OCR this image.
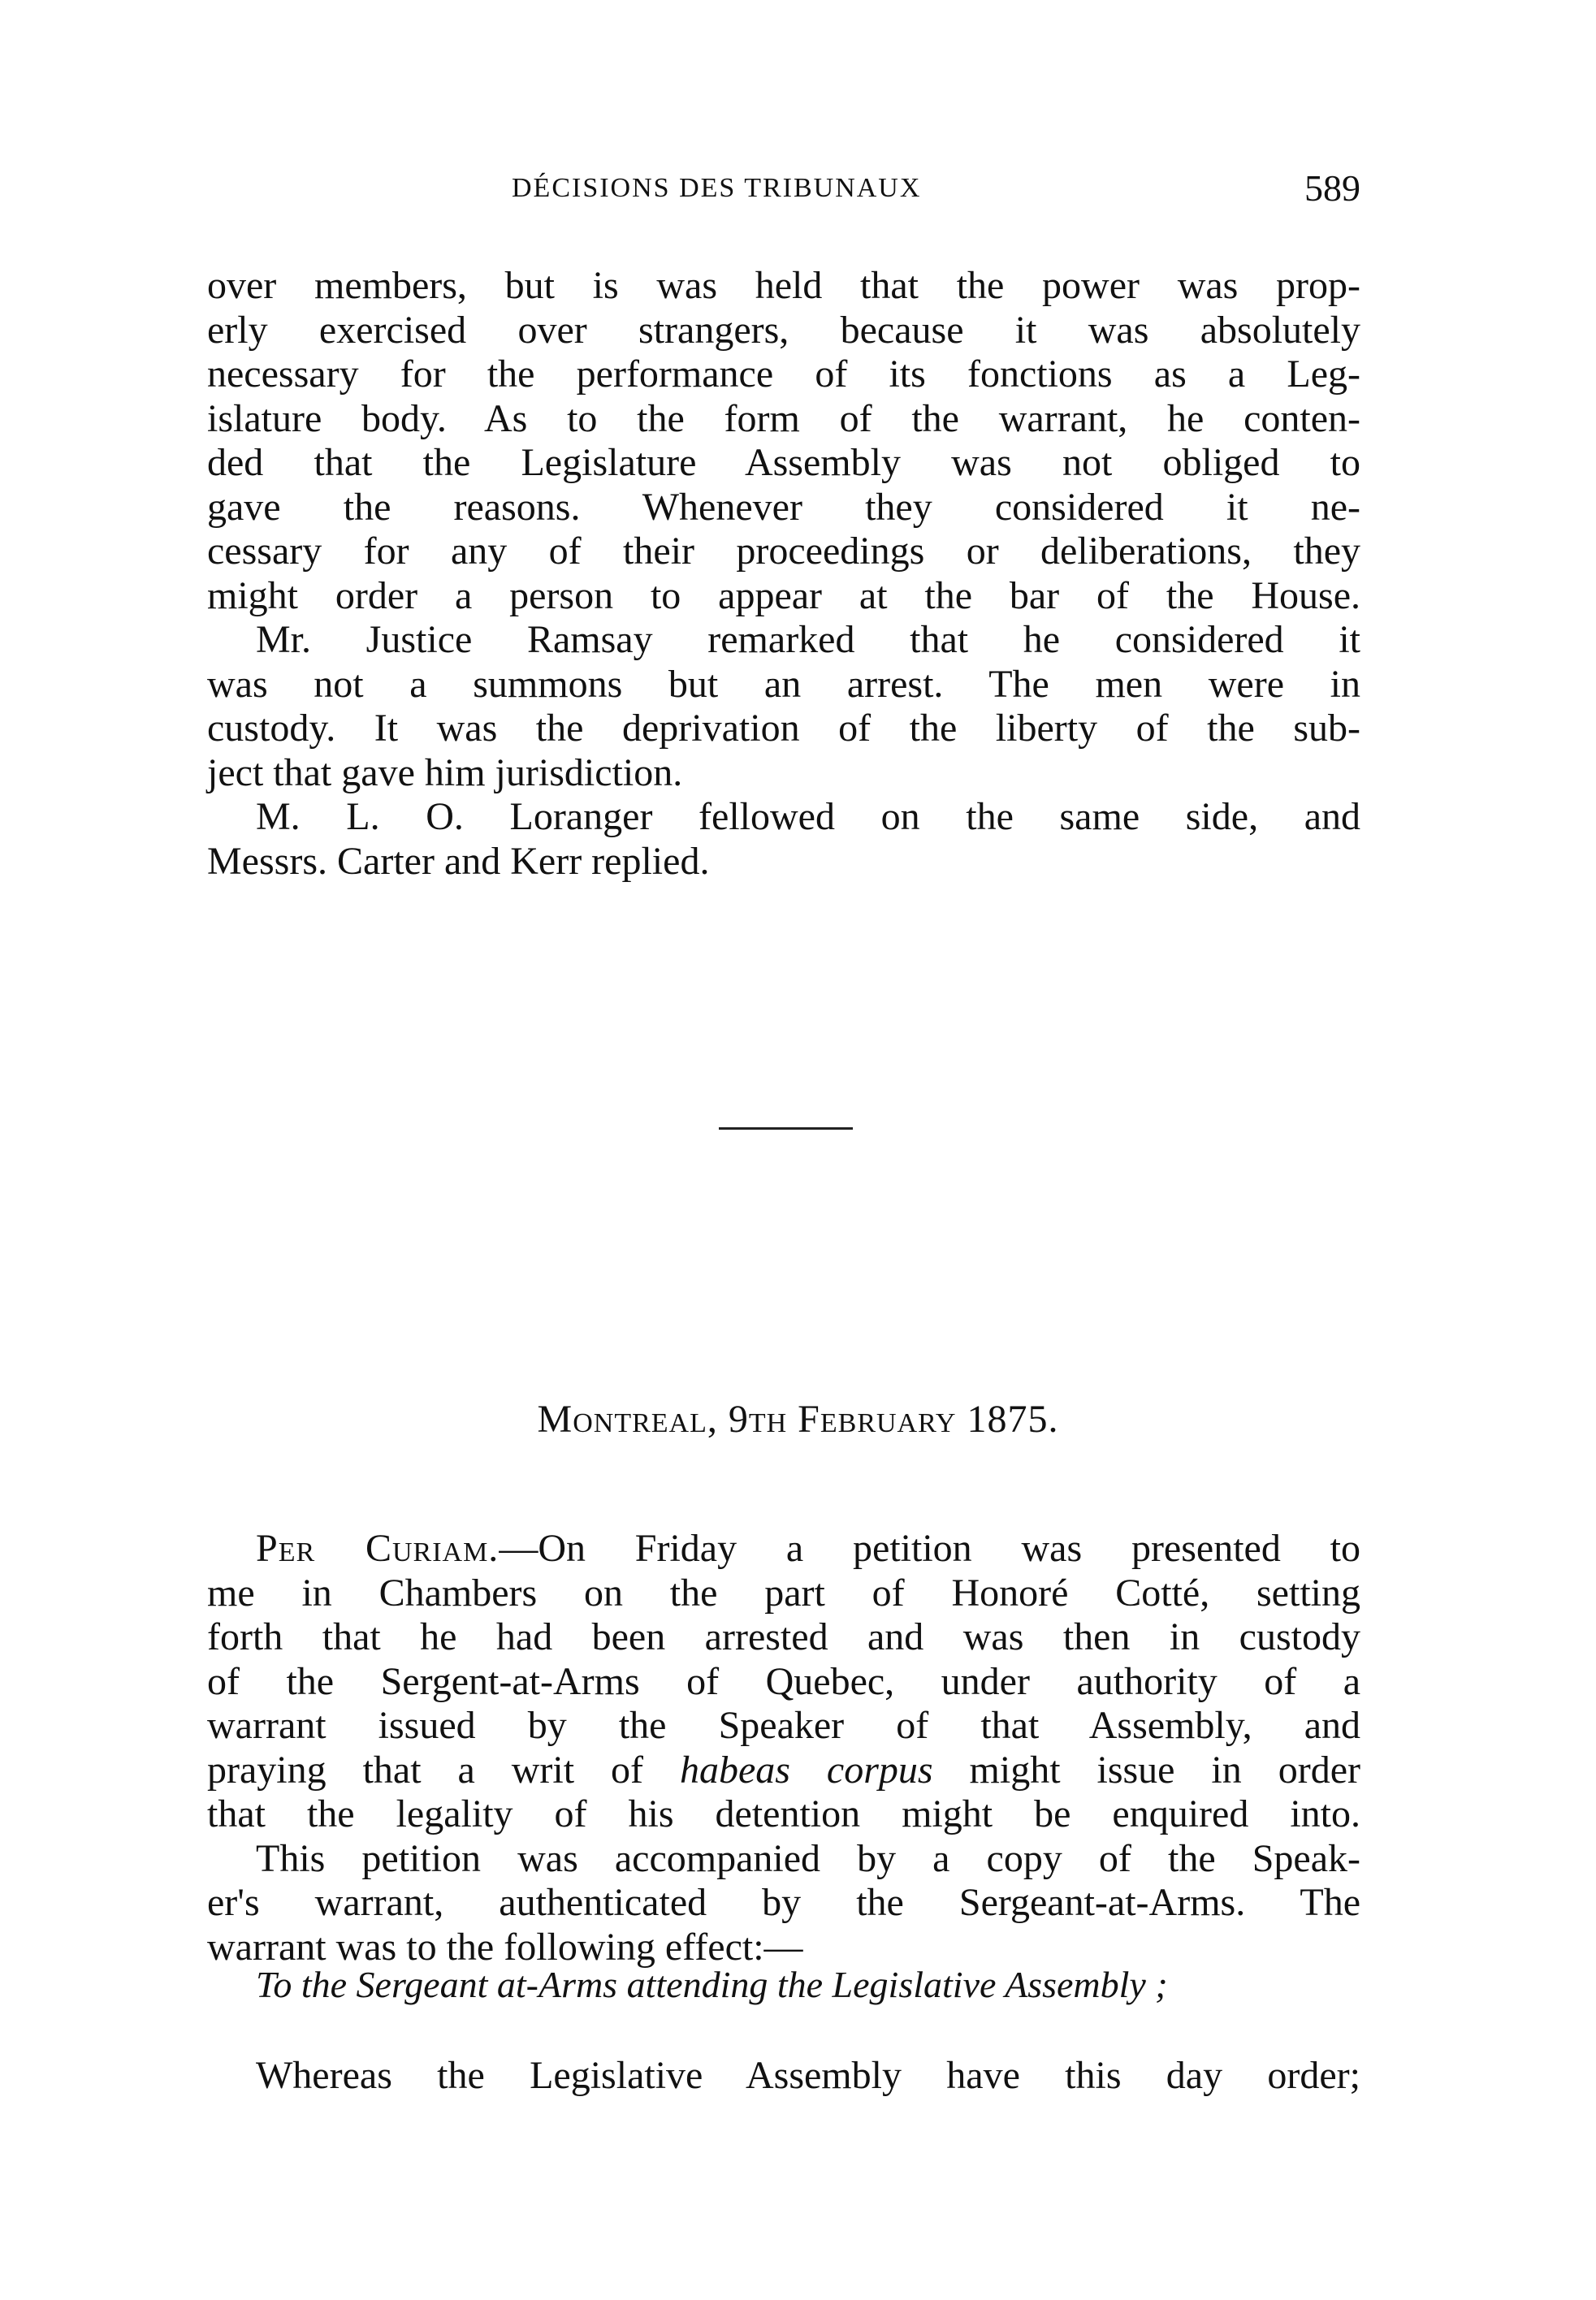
DÉCISIONS DES TRIBUNAUX	589
over members, but is was held that the power was prop-
erly exercised over strangers, because it was absolutely
necessary for the performance of its fonctions as a Leg-
islature body. As to the form of the warrant, he conten-
ded that the Legislature Assembly was not obliged to
gave the reasons. Whenever they considered it ne-
cessary for any of their proceedings or deliberations, they
might order a person to appear at the bar of the House.
Mr. Justice Ramsay remarked that he considered it
was not a summons but an arrest. The men were in
custody. It was the deprivation of the liberty of the sub-
ject that gave him jurisdiction.
M. L. O. Loranger fellowed on the same side, and
Messrs. Carter and Kerr replied.
Montreal, 9th February 1875.
Per Curiam.—On Friday a petition was presented to
me in Chambers on the part of Honoré Cotté, setting
forth that he had been arrested and was then in custody
of the Sergent-at-Arms of Quebec, under authority of a
warrant issued by the Speaker of that Assembly, and
praying that a writ of habeas corpus might issue in order
that the legality of his detention might be enquired into.
This petition was accompanied by a copy of the Speak-
er's warrant, authenticated by the Sergeant-at-Arms. The
warrant was to the following effect:—
To the Sergeant at-Arms attending the Legislative Assembly ;
Whereas the Legislative Assembly have this day order;
